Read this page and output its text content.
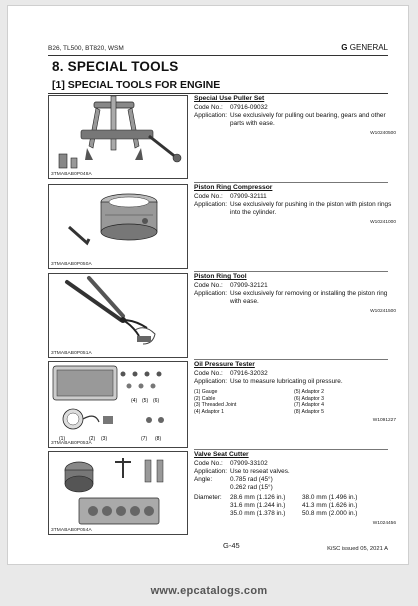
B26, TL500, BT820, WSM	G GENERAL
8. SPECIAL TOOLS
[1] SPECIAL TOOLS FOR ENGINE
3TMABAB0P048A
Special Use Puller Set
Code No.:	07916-09032
Application: Use exclusively for pulling out bearing, gears and other parts with ease.
W10240500
3TMABAB0P050A
Piston Ring Compressor
Code No.:	07909-32111
Application: Use exclusively for pushing in the piston with piston rings into the cylinder.
W10241000
3TMABAB0P051A
Piston Ring Tool
Code No.:	07909-32121
Application: Use exclusively for removing or installing the piston ring with ease.
W10241500
(4) (5) (6)
(1)	(2) (3)	(7) (8)
3TMABAB0P053A
Oil Pressure Tester
Code No.:	07916-32032
Application: Use to measure lubricating oil pressure.
(1) Gauge
(2) Cable
(3) Threaded Joint
(4) Adaptor 1
(5) Adaptor 2
(6) Adaptor 3
(7) Adaptor 4
(8) Adaptor 5
W1091227
3TMABAB0P054A
Valve Seat Cutter
Code No.:	07909-33102
Application: Use to reseat valves.
Angle:	0.785 rad (45°)
0.262 rad (15°)
Diameter:	28.6 mm (1.126 in.)	38.0 mm (1.496 in.)
31.6 mm (1.244 in.)	41.3 mm (1.626 in.)
35.0 mm (1.378 in.)	50.8 mm (2.000 in.)
W1024456
G-45	KiSC issued 05, 2021 A
www.epcatalogs.com
